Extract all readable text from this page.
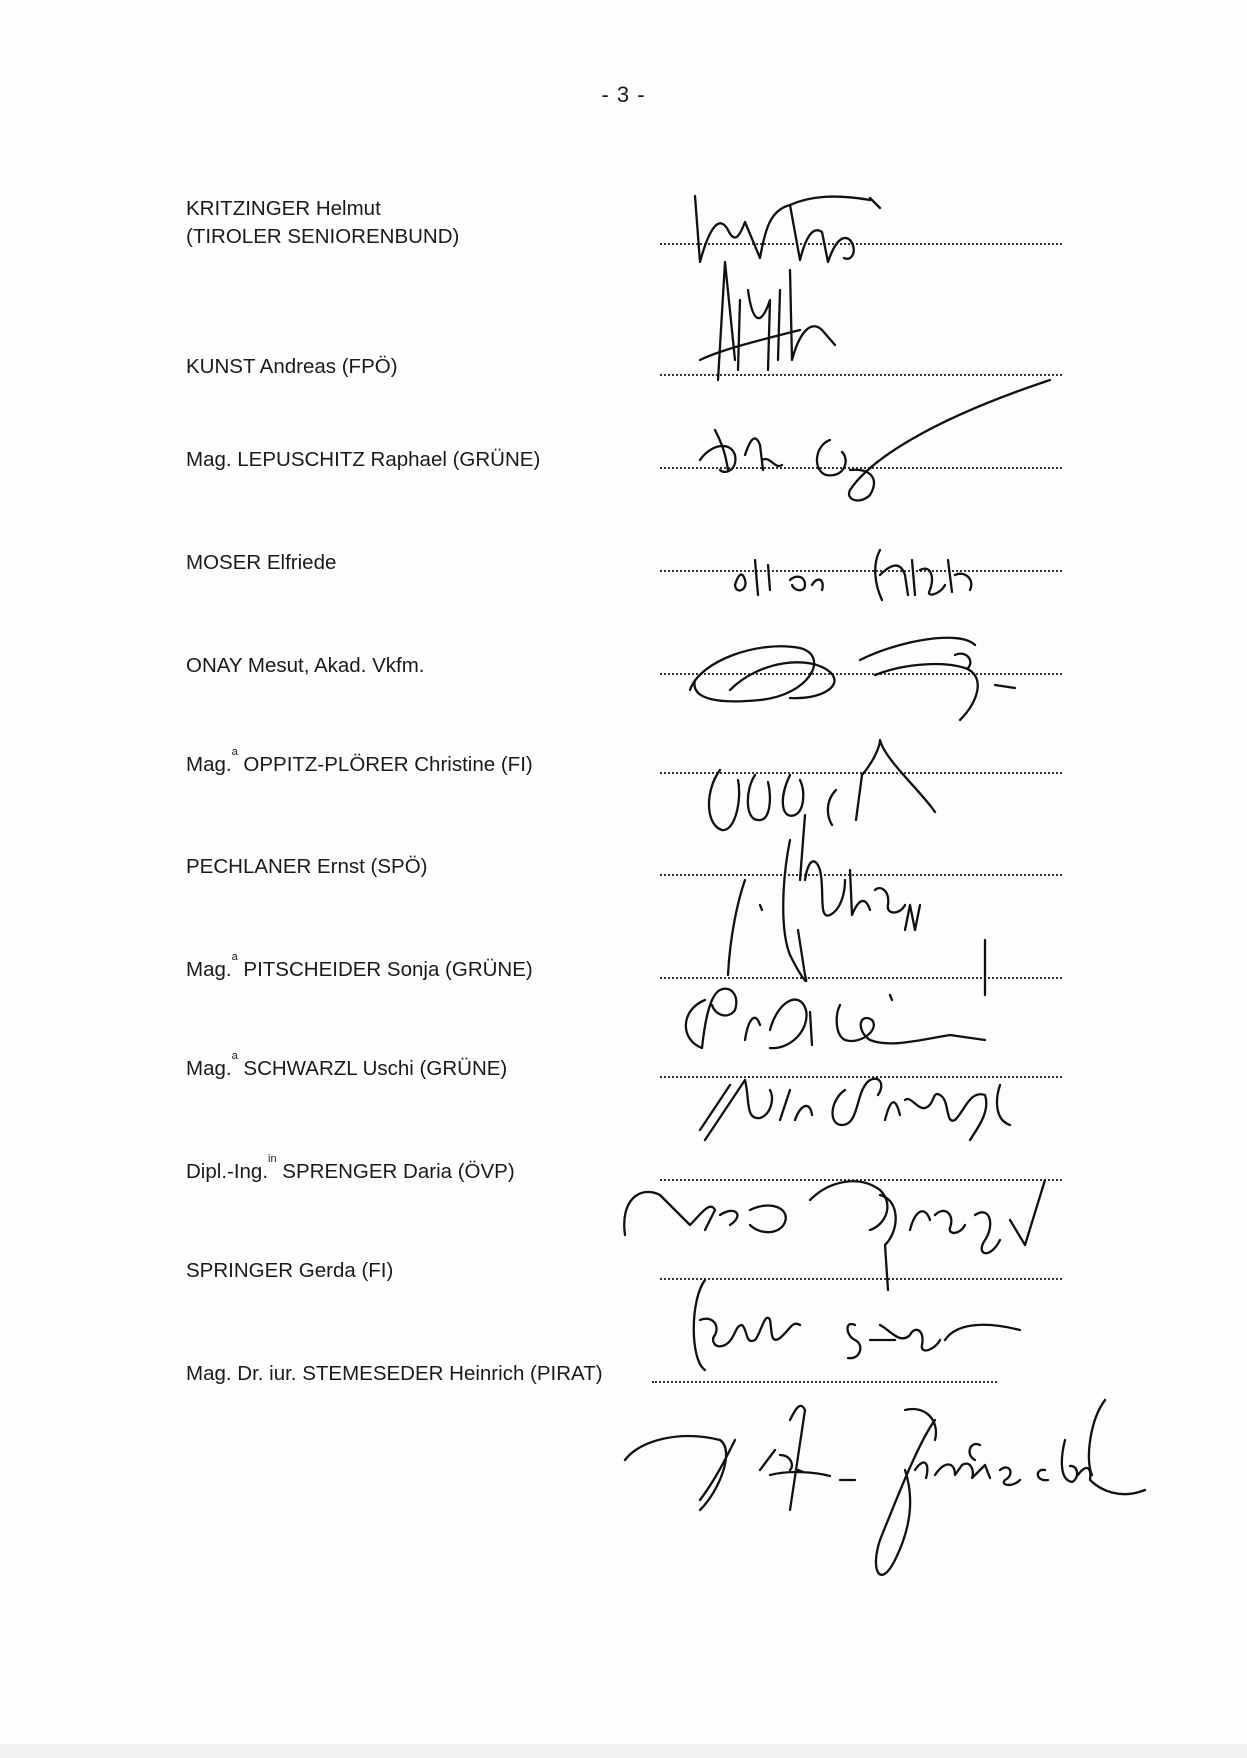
- 3 -
KRITZINGER Helmut
(TIROLER SENIORENBUND)
KUNST Andreas (FPÖ)
Mag. LEPUSCHITZ Raphael (GRÜNE)
MOSER Elfriede
ONAY Mesut, Akad. Vkfm.
Mag.$^a$ OPPITZ-PLÖRER Christine (FI)
PECHLANER Ernst (SPÖ)
Mag.$^a$ PITSCHEIDER Sonja (GRÜNE)
Mag.$^a$ SCHWARZL Uschi (GRÜNE)
Dipl.-Ing.$^{in}$ SPRENGER Daria (ÖVP)
SPRINGER Gerda (FI)
Mag. Dr. iur. STEMESEDER Heinrich (PIRAT)
